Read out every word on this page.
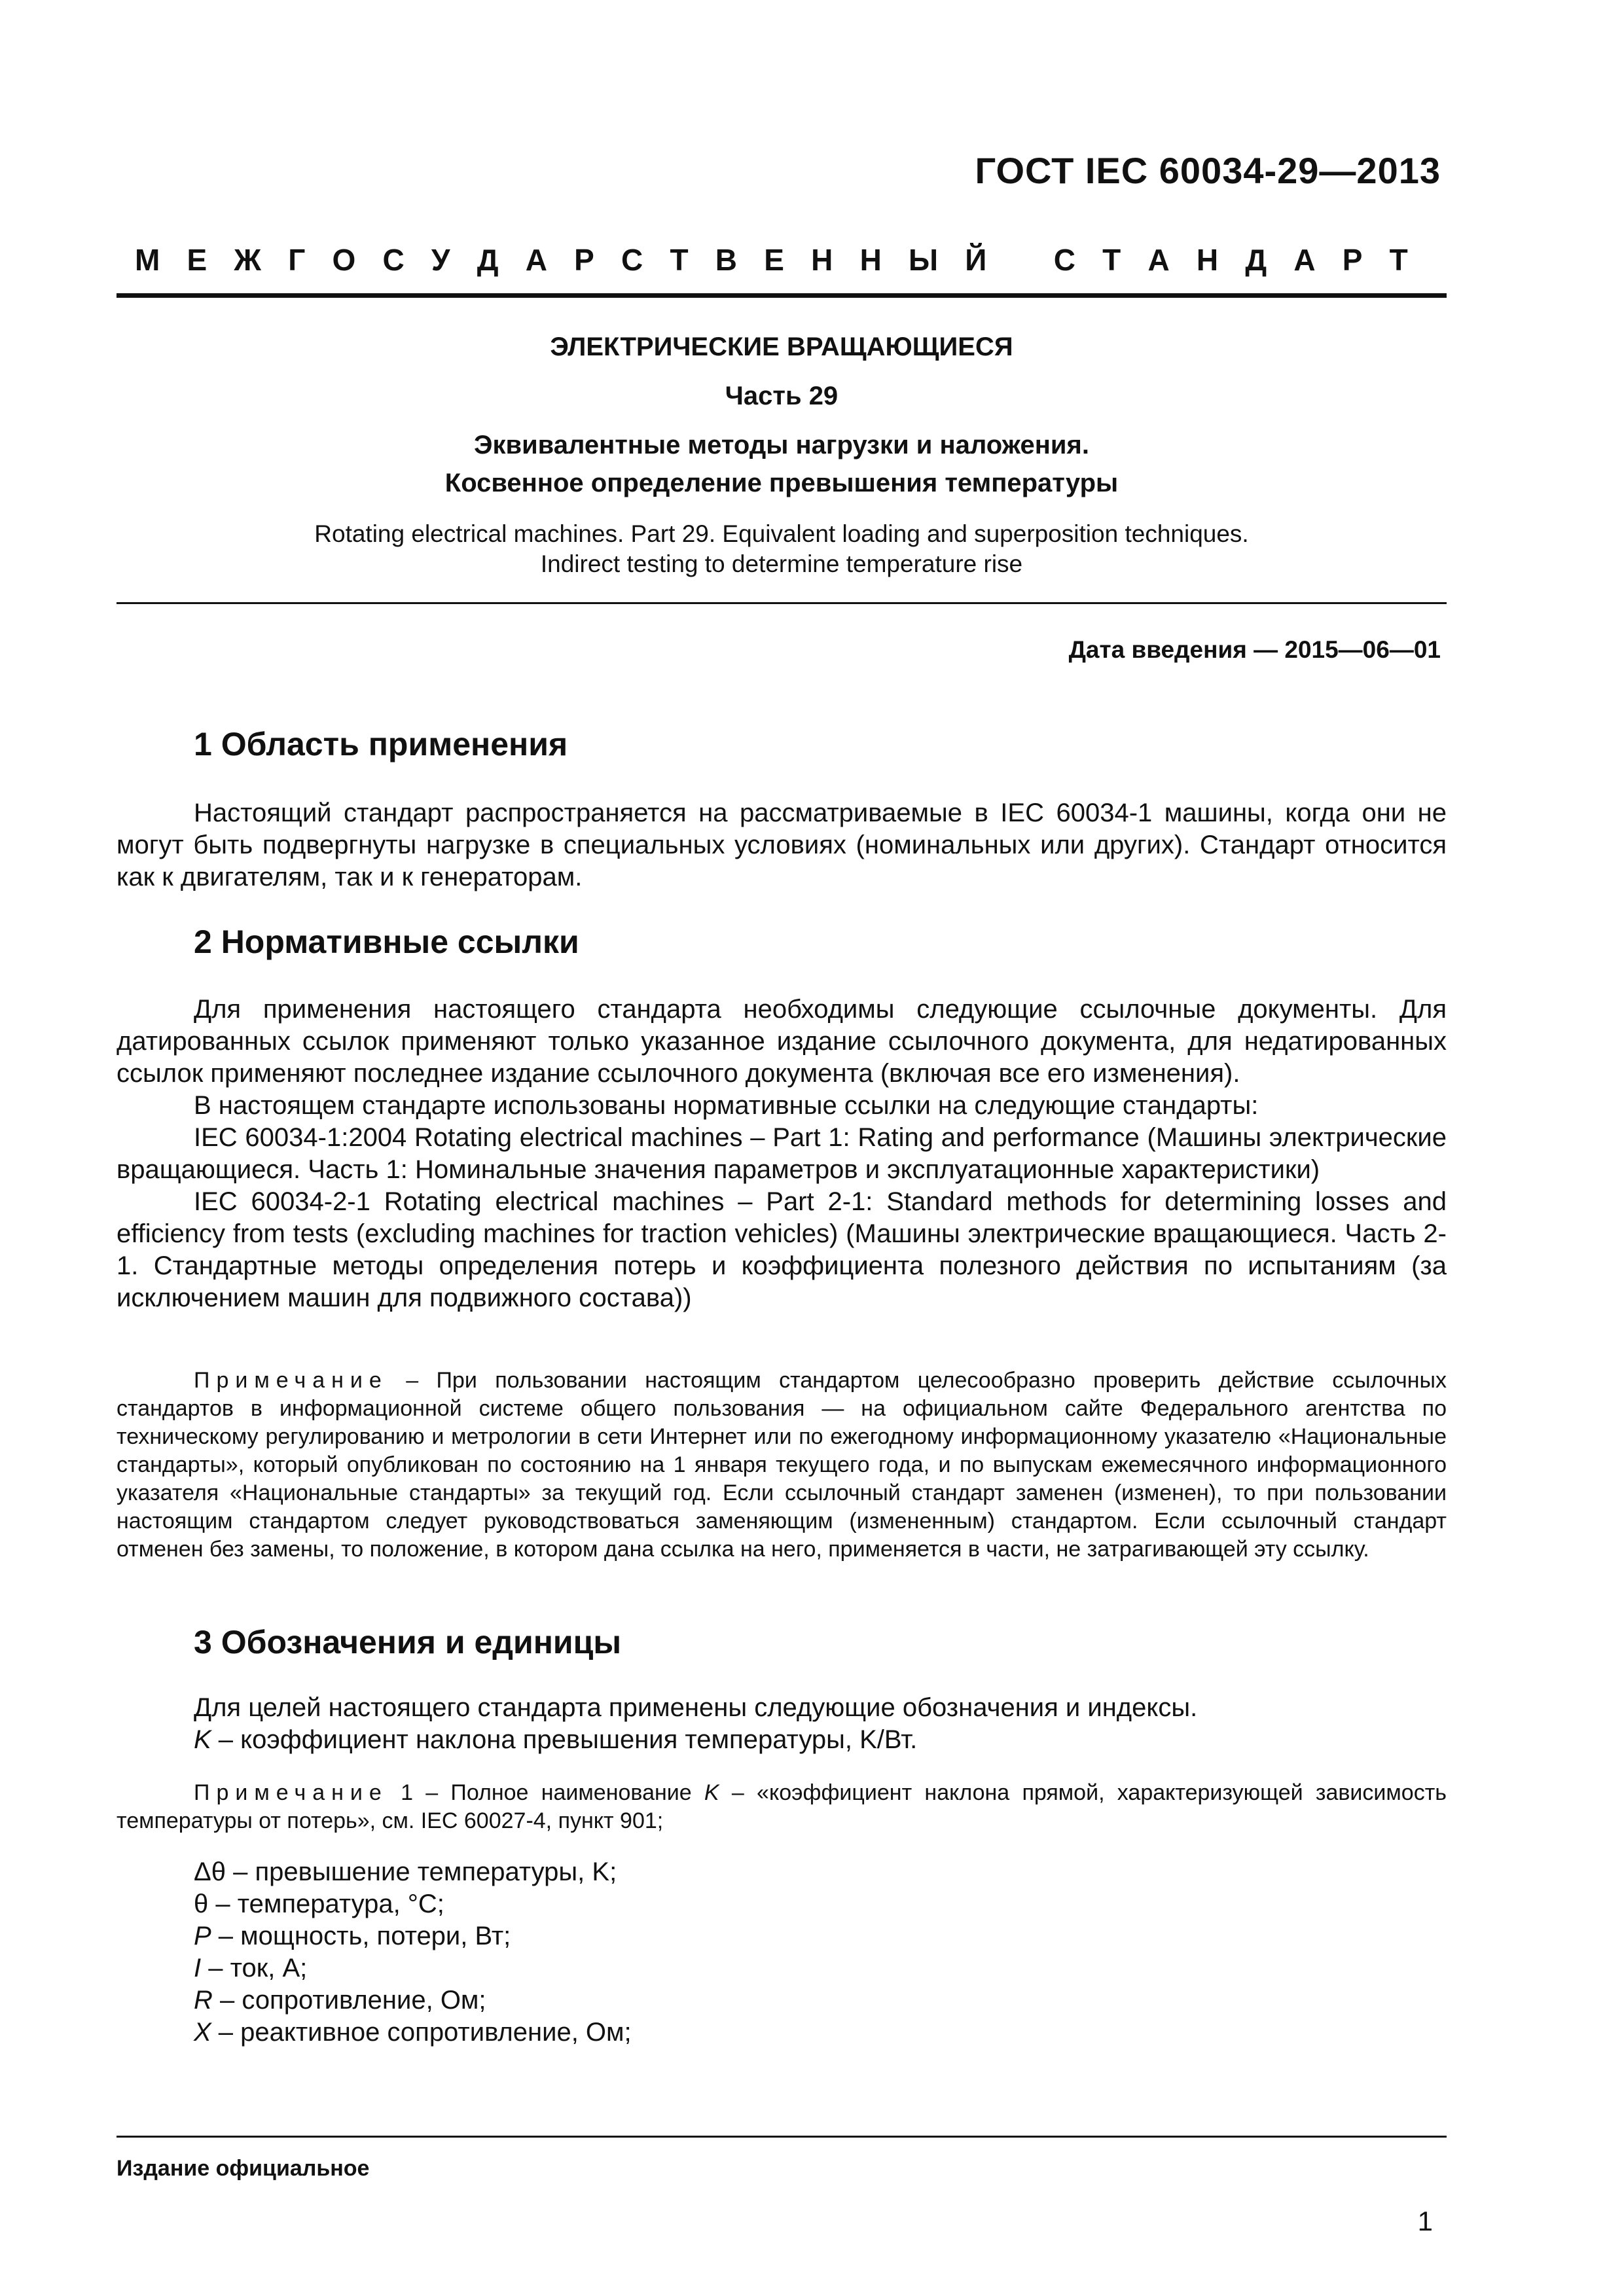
ГОСТ IEC 60034-29—2013
М Е Ж Г О С У Д А Р С Т В Е Н Н Ы Й С Т А Н Д А Р Т
ЭЛЕКТРИЧЕСКИЕ ВРАЩАЮЩИЕСЯ
Часть 29
Эквивалентные методы нагрузки и наложения.
Косвенное определение превышения температуры
Rotating electrical machines. Part 29. Equivalent loading and superposition techniques.
Indirect testing to determine temperature rise
Дата введения — 2015—06—01
1 Область применения

Настоящий стандарт распространяется на рассматриваемые в IEC 60034-1 машины, когда они не могут быть подвергнуты нагрузке в специальных условиях (номинальных или других). Стандарт относится как к двигателям, так и к генераторам.

2 Нормативные ссылки

Для применения настоящего стандарта необходимы следующие ссылочные документы. Для датированных ссылок применяют только указанное издание ссылочного документа, для недатированных ссылок применяют последнее издание ссылочного документа (включая все его изменения).

В настоящем стандарте использованы нормативные ссылки на следующие стандарты:

IEC 60034-1:2004 Rotating electrical machines – Part 1: Rating and performance (Машины электрические вращающиеся. Часть 1: Номинальные значения параметров и эксплуатационные характеристики)

IEC 60034-2-1 Rotating electrical machines – Part 2-1: Standard methods for determining losses and efficiency from tests (excluding machines for traction vehicles) (Машины электрические вращающиеся. Часть 2-1. Стандартные методы определения потерь и коэффициента полезного действия по испытаниям (за исключением машин для подвижного состава))

Примечание – При пользовании настоящим стандартом целесообразно проверить действие ссылочных стандартов в информационной системе общего пользования — на официальном сайте Федерального агентства по техническому регулированию и метрологии в сети Интернет или по ежегодному информационному указателю «Национальные стандарты», который опубликован по состоянию на 1 января текущего года, и по выпускам ежемесячного информационного указателя «Национальные стандарты» за текущий год. Если ссылочный стандарт заменен (изменен), то при пользовании настоящим стандартом следует руководствоваться заменяющим (измененным) стандартом. Если ссылочный стандарт отменен без замены, то положение, в котором дана ссылка на него, применяется в части, не затрагивающей эту ссылку.

3 Обозначения и единицы

Для целей настоящего стандарта применены следующие обозначения и индексы.

K – коэффициент наклона превышения температуры, K/Вт.

Примечание 1 – Полное наименование K – «коэффициент наклона прямой, характеризующей зависимость температуры от потерь», см. IEC 60027-4, пункт 901;

Δθ – превышение температуры, K;
θ – температура, °C;
P – мощность, потери, Вт;
I – ток, А;
R – сопротивление, Ом;
X – реактивное сопротивление, Ом;
Издание официальное
1
